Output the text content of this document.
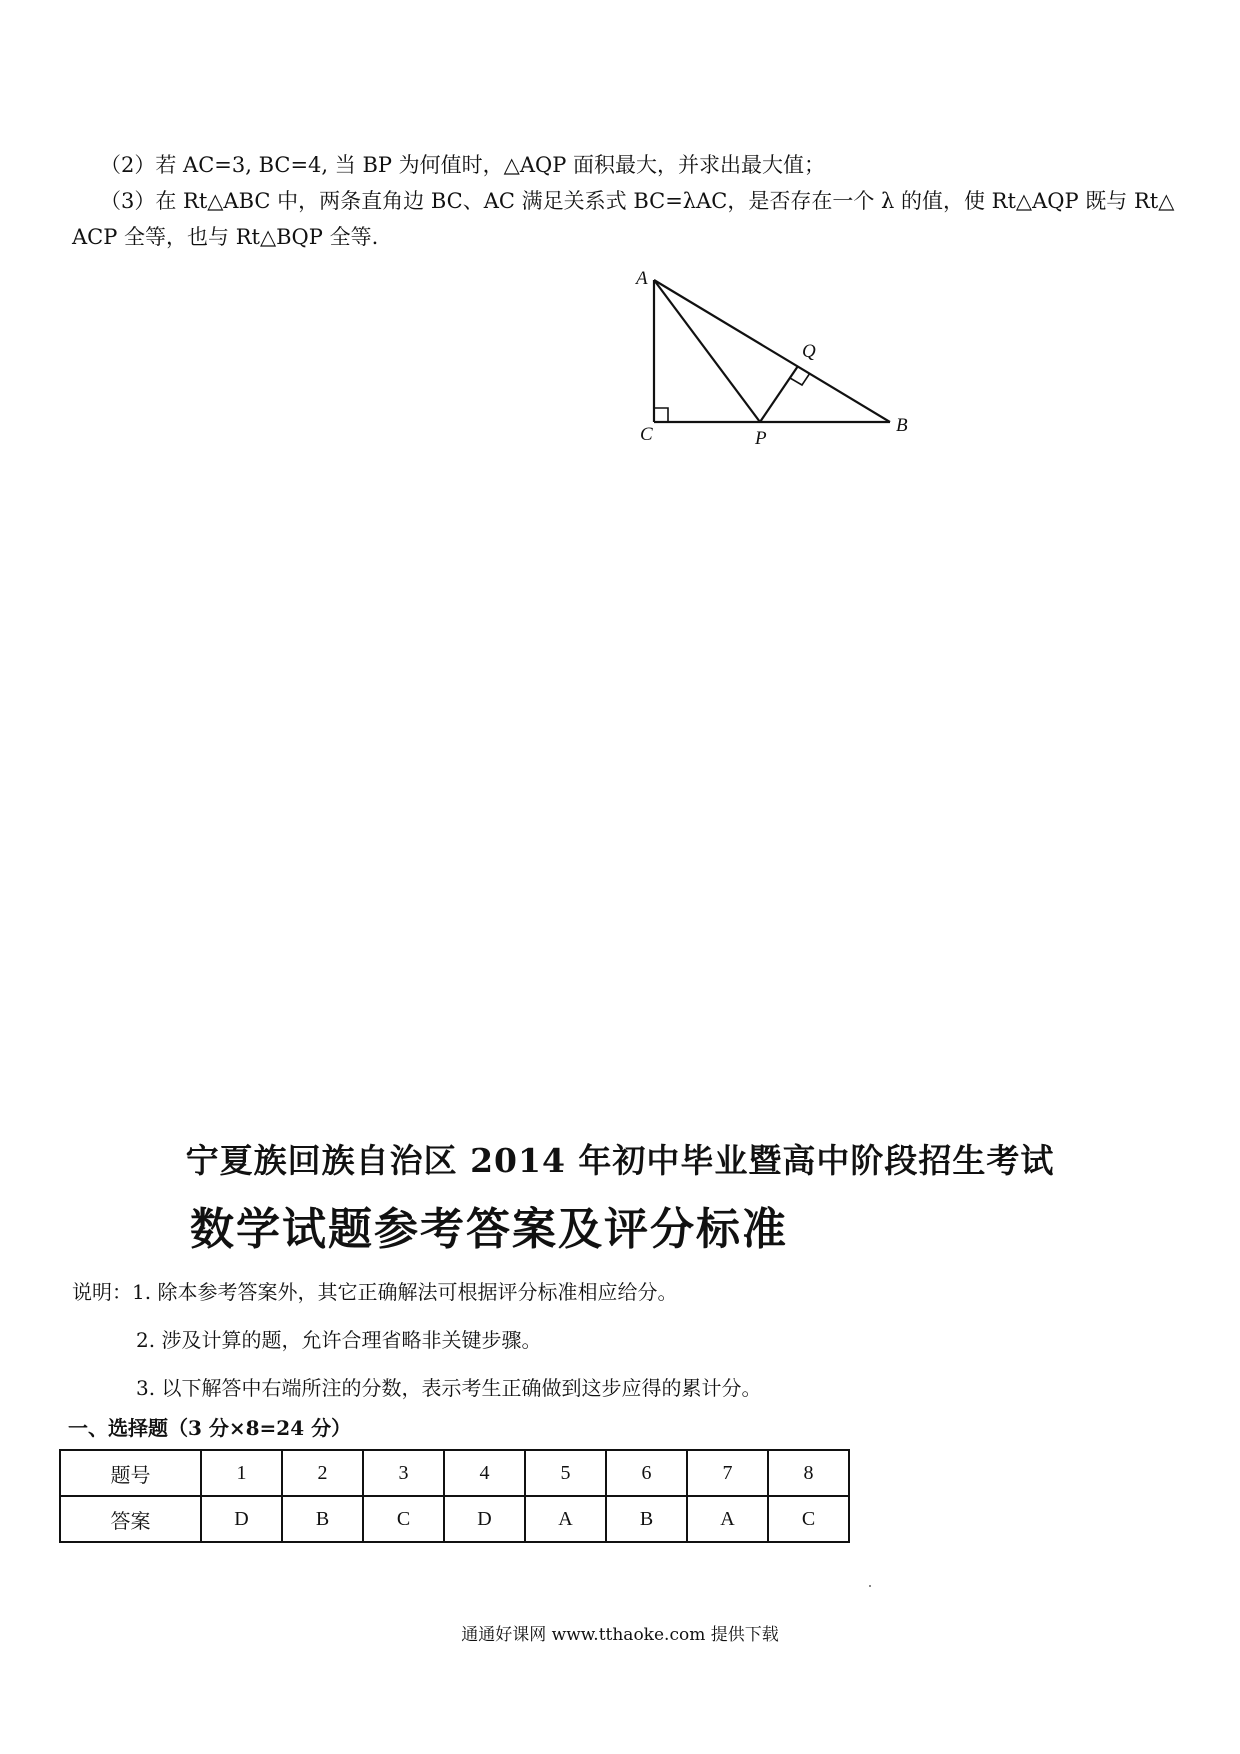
（2）若 AC=3, BC=4, 当 BP 为何值时，△AQP 面积最大，并求出最大值；
（3）在 Rt△ABC 中，两条直角边 BC、AC 满足关系式 BC=λAC，是否存在一个 λ 的值，使 Rt△AQP 既与 Rt△
ACP 全等，也与 Rt△BQP 全等.
A
B
C	P
Q
宁夏族回族自治区 2014 年初中毕业暨高中阶段招生考试
数学试题参考答案及评分标准
说明：1. 除本参考答案外，其它正确解法可根据评分标准相应给分。
2. 涉及计算的题，允许合理省略非关键步骤。
3. 以下解答中右端所注的分数，表示考生正确做到这步应得的累计分。
一、选择题（3 分×8=24 分）
题号	1	2	3	4	5	6	7	8
答案	D	B	C	D	A	B	A	C
通通好课网 www.tthaoke.com 提供下载
